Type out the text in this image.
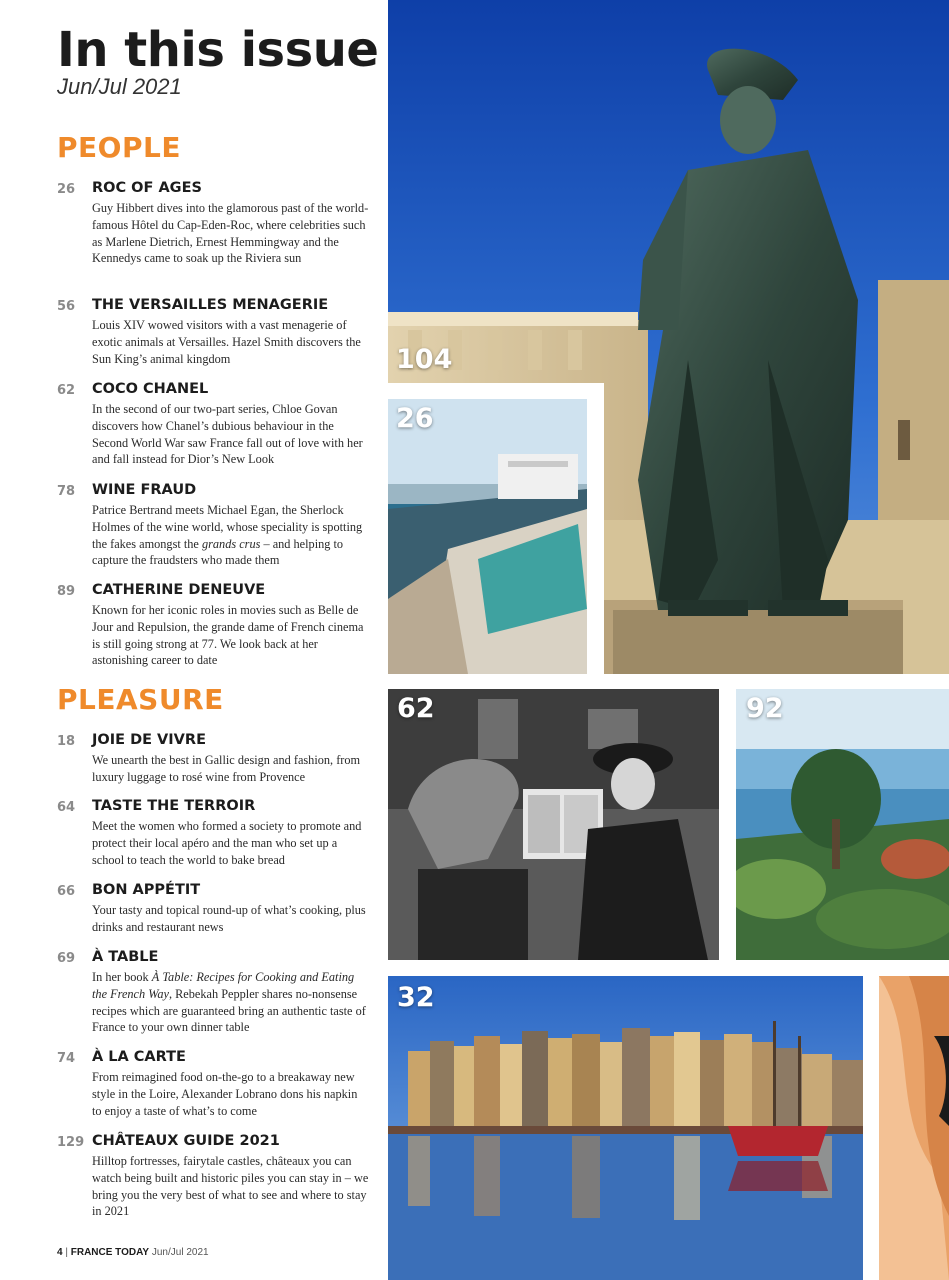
In this issue
Jun/Jul 2021
PEOPLE
26 ROC OF AGES
Guy Hibbert dives into the glamorous past of the world-famous Hôtel du Cap-Eden-Roc, where celebrities such as Marlene Dietrich, Ernest Hemmingway and the Kennedys came to soak up the Riviera sun
56 THE VERSAILLES MENAGERIE
Louis XIV wowed visitors with a vast menagerie of exotic animals at Versailles. Hazel Smith discovers the Sun King’s animal kingdom
62 COCO CHANEL
In the second of our two-part series, Chloe Govan discovers how Chanel’s dubious behaviour in the Second World War saw France fall out of love with her and fall instead for Dior’s New Look
78 WINE FRAUD
Patrice Bertrand meets Michael Egan, the Sherlock Holmes of the wine world, whose speciality is spotting the fakes amongst the grands crus – and helping to capture the fraudsters who made them
89 CATHERINE DENEUVE
Known for her iconic roles in movies such as Belle de Jour and Repulsion, the grande dame of French cinema is still going strong at 77. We look back at her astonishing career to date
PLEASURE
18 JOIE DE VIVRE
We unearth the best in Gallic design and fashion, from luxury luggage to rosé wine from Provence
64 TASTE THE TERROIR
Meet the women who formed a society to promote and protect their local apéro and the man who set up a school to teach the world to bake bread
66 BON APPÉTIT
Your tasty and topical round-up of what’s cooking, plus drinks and restaurant news
69 À TABLE
In her book À Table: Recipes for Cooking and Eating the French Way, Rebekah Peppler shares no-nonsense recipes which are guaranteed bring an authentic taste of France to your own dinner table
74 À LA CARTE
From reimagined food on-the-go to a breakaway new style in the Loire, Alexander Lobrano dons his napkin to enjoy a taste of what’s to come
129 CHÂTEAUX GUIDE 2021
Hilltop fortresses, fairytale castles, châteaux you can watch being built and historic piles you can stay in – we bring you the very best of what to see and where to stay in 2021
4 | FRANCE TODAY Jun/Jul 2021
104
26
62	92
32
